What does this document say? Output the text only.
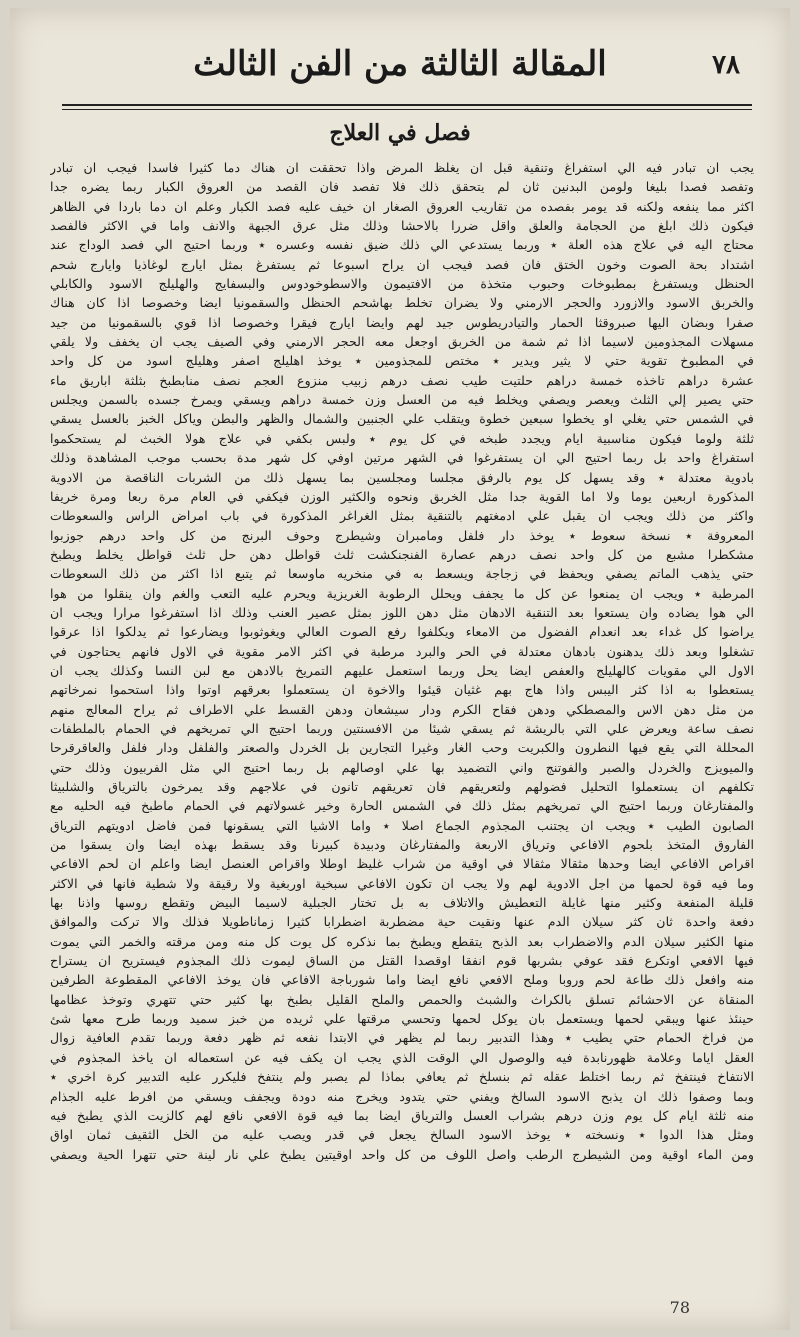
المقالة الثالثة من الفن الثالث	٧٨
فصل في العلاج
يجب ان تبادر فيه الي استفراغ وتنقية قبل ان يغلظ المرض واذا تحققت ان هناك دما كثيرا فاسدا فيجب ان تبادر
وتفصد فصدا بليغا ولومن البدنين ثان لم يتحقق ذلك فلا تفصد فان القصد من العروق الكبار ربما يضره جدا
اكثر مما ينفعه ولكنه قد يومر بفصده من تقاريب العروق الصغار ان خيف عليه فصد الكبار وعلم ان دما باردا في الظاهر
فيكون ذلك ابلغ من الحجامة والعلق واقل ضررا بالاحشا وذلك مثل عرق الجبهة والانف واما في الاكثر فالفصد
محتاج اليه في علاج هذه العلة ٭ وربما يستدعي الي ذلك ضيق نفسه وعسره ٭ وربما احتيج الي فصد الوداج عند
اشتداد بحة الصوت وخون الختق فان فصد فيجب ان يراح اسبوعا ثم يستفرغ بمثل ايارج لوغاذيا وايارج شحم
الحنظل ويستفرغ بمطبوخات وحبوب متخذة من الافتيمون والاسطوخودوس والبسفايج والهليلج الاسود والكابلي
والخربق الاسود والازورد والحجر الارمني ولا يضران تخلط بهاشحم الحنظل والسقمونيا ايضا وخصوصا اذا كان هناك
صفرا وبضان اليها صبروقثا الحمار والتيادريطوس جيد لهم وايضا ايارج فيقرا وخصوصا اذا قوي بالسقمونيا من جيد
مسهلات المجذومين لاسيما اذا ثم شمة من الخربق اوجعل معه الحجر الارمني وفي الصيف يجب ان يخفف ولا يلقي
في المطبوخ تقوية حتي لا يثير ويدير ٭ مختص للمجذومين ٭ يوخذ اهليلج اصفر وهليلج اسود من كل واحد
عشرة دراهم تاخذه خمسة دراهم حلتيت طيب نصف درهم زبيب منزوع العجم نصف منابطبخ بثلثة اباريق ماء
حتي يصير إلي الثلث ويعصر ويصفي ويخلط فيه من العسل وزن خمسة دراهم ويسقي ويمرخ جسده بالسمن ويجلس
في الشمس حتي يغلي او يخطوا سبعين خطوة ويتقلب علي الجنبين والشمال والظهر والبطن وياكل الخبز بالعسل يسقي
ثلثة ولوما فيكون مناسبية ايام ويجدد طبخه في كل يوم ٭ ولبس بكفي في علاج هولا الخبث لم يستحكموا
استفراغ واحد بل ربما احتيج الي ان يستفرغوا في الشهر مرتين اوفي كل شهر مدة بحسب موجب المشاهدة وذلك
بادوية معتدلة ٭ وقد يسهل كل يوم بالرفق مجلسا ومجلسين بما يسهل ذلك من الشربات الناقصة من الادوية
المذكورة اربعين يوما ولا اما القوية جدا مثل الخربق ونحوه والكثير الوزن فيكفي في العام مرة ربعا ومرة خريفا
واكثر من ذلك ويجب ان يقبل علي ادمغتهم بالتنقية بمثل الغراغر المذكورة في باب امراض الراس والسعوطات
المعروفة ٭ نسخة سعوط ٭ يوخذ دار فلفل ومامبران وشيطرج وحوف البرنج من كل واحد درهم جوزبوا
مشكطرا مشبع من كل واحد نصف درهم عصارة الفنجنكشت ثلث قواطل دهن حل ثلث قواطل يخلط ويطبخ
حتي يذهب الماتم يصفي ويحفظ في زجاجة ويسعط به في منخريه ماوسعا ثم يتبع اذا اكثر من ذلك السعوطات
المرطبة ٭ ويجب ان يمنعوا عن كل ما يجفف ويحلل الرطوبة الغريزية ويحرم عليه التعب والغم وان ينقلوا من هوا
الي هوا يضاده وان يستعوا بعد التنقية الادهان مثل دهن اللوز بمثل عصير العنب وذلك اذا استفرغوا مرارا ويجب ان
يراضوا كل غداء بعد انعدام الفضول من الامعاء ويكلفوا رفع الصوت العالي ويغوثوبوا ويضارعوا ثم يدلكوا اذا عرقوا
تشغلوا وبعد ذلك يدهنون بادهان معتدلة في الحر والبرد مرطبة في اكثر الامر مقوية في الاول فانهم يحتاجون في
الاول الي مقويات كالهليلج والعفص ايضا يحل وربما استعمل عليهم التمريخ بالادهن مع لبن النسا وكذلك يجب ان
يستعطوا به اذا كثر اليبس واذا هاج بهم غثيان قيئوا والاخوة ان يستعملوا بعرقهم اوتوا واذا استحموا نمرخاتهم
من مثل دهن الاس والمصطكي ودهن فقاح الكرم ودار سيشعان ودهن القسط علي الاطراف ثم يراح المعالج منهم
نصف ساعة ويعرض علي التي بالريشة ثم يسقي شيئا من الافسنتين وربما احتيج الي تمريخهم في الحمام بالملطفات
المحللة التي يقع فيها النطرون والكبريت وحب الغار وغيرا التجارين بل الخردل والصعتر والفلفل ودار فلفل والعاقرقرحا
والميويزج والخردل والصبر والفوتنج واني التضميد بها علي اوصالهم بل ربما احتيج الي مثل الفربيون وذلك حتي
تكلفهم ان يستعملوا التحليل فضولهم ولتعريقهم فان تعريقهم تانون في علاجهم وقد يمرخون بالترياق والشلبيثا
والمفتارغان وربما احتيج الي تمريخهم بمثل ذلك في الشمس الحارة وخير غسولاتهم في الحمام ماطبخ فيه الحليه مع
الصابون الطيب ٭ ويجب ان يجتنب المجذوم الجماع اصلا ٭ واما الاشيا التي يسقونها فمن فاضل ادويتهم الترياق
الفاروق المتخذ بلحوم الافاعي وترياق الاربعة والمفتارغان ودبيدة كبيرنا وقد يسقط بهذه ايضا وان يسقوا من
اقراص الافاعي ايضا وحدها مثقالا مثقالا في اوقية من شراب غليظ اوطلا واقراص العنصل ايضا واعلم ان لحم الافاعي
وما فيه قوة لحمها من اجل الادوية لهم ولا يجب ان تكون الافاعي سبخية اوربغية ولا رقيقة ولا شطية فانها في الاكثر
قليلة المنفعة وكثير منها غايلة التعطيش والاتلاف به بل تختار الجبلية لاسيما البيض وتقطع روسها واذنا بها
دفعة واحدة ثان كثر سيلان الدم عنها ونقيت حية مضطربة اضطرابا كثيرا زماناطويلا فذلك والا تركت والموافق
منها الكثير سيلان الدم والاضطراب بعد الذبح يتقطع ويطبخ بما نذكره كل يوت كل منه ومن مرقته والخمر التي يموت
فيها الافعي اوتكرع فقد عوفي بشربها قوم انفقا اوقصدا القتل من الساق ليموت ذلك المجذوم فيستريح ان يستراح
منه وافعل ذلك طاعة لحم وروبا وملح الافعي نافع ايضا واما شورباجة الافاعي فان يوخذ الافاعي المقطوعة الطرفين
المنقاة عن الاحشائم تسلق بالكراث والشبث والحمص والملح القليل بطبخ بها كثير حتي تتهري وتوخذ عظامها
حينئذ عنها ويبقي لحمها ويستعمل بان يوكل لحمها وتحسي مرقتها علي ثريده من خبز سميد وربما طرح معها شئ
من فراخ الحمام حتي يطيب ٭ وهذا التدبير ربما لم يظهر في الابتدا نفعه ثم ظهر دفعة وربما تقدم العافية زوال
العقل اياما وعلامة ظهورنابدة فيه والوصول الي الوقت الذي يجب ان يكف فيه عن استعماله ان ياخذ المجذوم في
الانتفاخ فينتفخ ثم ربما اختلط عقله ثم بنسلخ ثم يعافي بماذا لم يصبر ولم ينتفخ فليكرر عليه التدبير كرة اخري ٭
وبما وصفوا ذلك ان يذبح الاسود السالخ ويفني حتي يتدود ويخرج منه دودة ويجفف ويسقي من افرط عليه الجذام
منه ثلثة ايام كل يوم وزن درهم بشراب العسل والترياق ايضا بما فيه قوة الافعي نافع لهم كالزيت الذي يطبخ فيه
ومثل هذا الدوا ٭ ونسخته ٭ يوخذ الاسود السالخ يجعل في قدر ويصب عليه من الخل الثقيف ثمان اواق
ومن الماء اوقية ومن الشيطرج الرطب واصل اللوف من كل واحد اوقيتين يطبخ علي نار لينة حتي تتهرا الحية ويصفي
78
